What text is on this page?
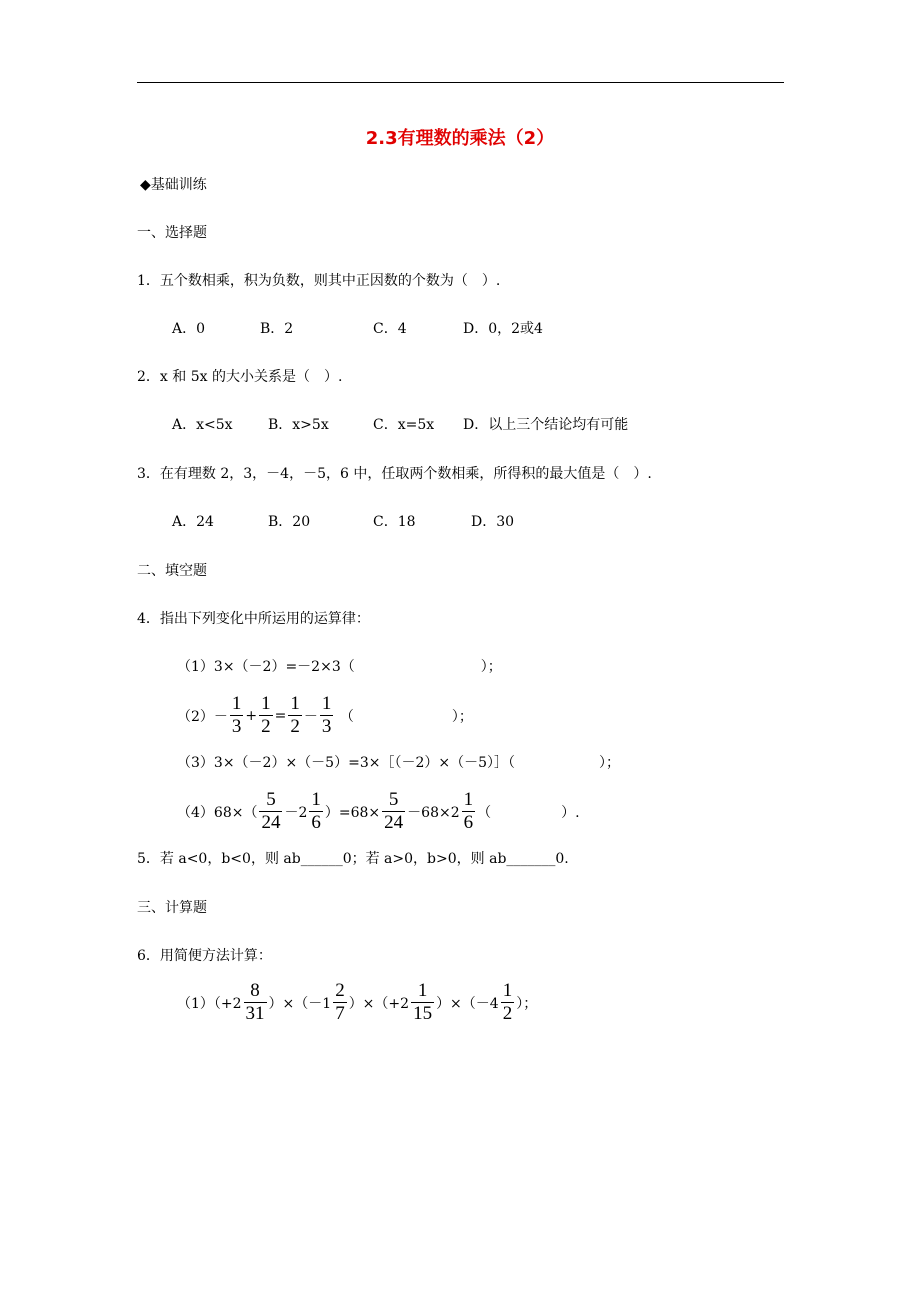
2.3有理数的乘法（2）
◆基础训练
一、选择题
1．五个数相乘，积为负数，则其中正因数的个数为（　）.
A．0	B．2	C．4	D．0，2或4
2．x 和 5x 的大小关系是（　）.
A．x<5x	B．x>5x	C．x=5x D．以上三个结论均有可能
3．在有理数 2，3，－4，－5，6 中，任取两个数相乘，所得积的最大值是（　）.
A．24	B．20	C．18	D．30
二、填空题
4．指出下列变化中所运用的运算律：
（1）3×（－2）=－2×3（　　　　　　　　　）；
$(2)- \frac{1}{3} + \frac{1}{2} = \frac{1}{2} - \frac{1}{3}$ （　　　　　　　）；
（3）3×（－2）×（－5）=3×［（－2）×（－5）］（　　　　　　）；
$(4)68\times( \frac{5}{24} -2 \frac{1}{6} )=68\times \frac{5}{24} -68\times 2 \frac{1}{6}$ （　　　　　）.
5．若 a<0，b<0，则 ab______0；若 a>0，b>0，则 ab_______0.
三、计算题
6．用简便方法计算：
$(1)(+2 \frac{8}{31} )\times(-1 \frac{2}{7} )\times(+2 \frac{1}{15} )\times(-4 \frac{1}{2}$ ）；
